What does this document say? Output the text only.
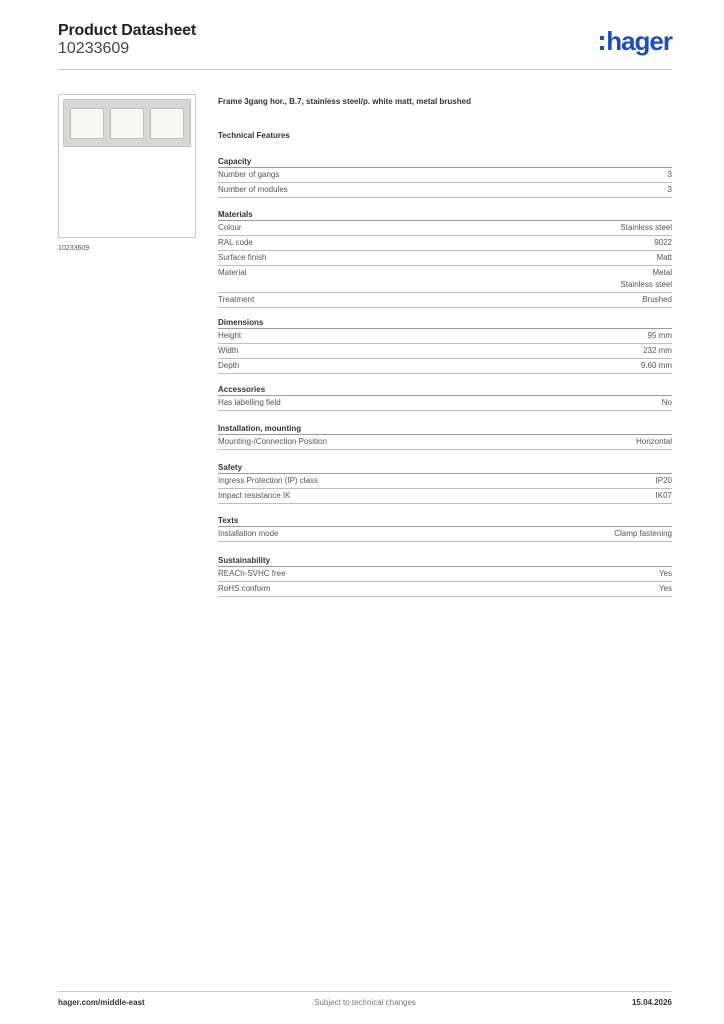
Product Datasheet
10233609	hager
10233609
Frame 3gang hor., B.7, stainless steel/p. white matt, metal brushed
Technical Features
Capacity
Number of gangs	3
Number of modules	3
Materials
Colour	Stainless steel
RAL code	9022
Surface finish	Matt
Material	Metal
Stainless steel
Treatment	Brushed
Dimensions
Height	95 mm
Width	232 mm
Depth	9.60 mm
Accessories
Has labelling field	No
Installation, mounting
Mounting-/Connection Position	Horizontal
Safety
Ingress Protection (IP) class	IP20
Impact resistance IK	IK07
Texts
Installation mode	Clamp fastening
Sustainability
REACh-SVHC free	Yes
RoHS conform	Yes
hager.com/middle-east	Subject to technical changes	15.04.2026
